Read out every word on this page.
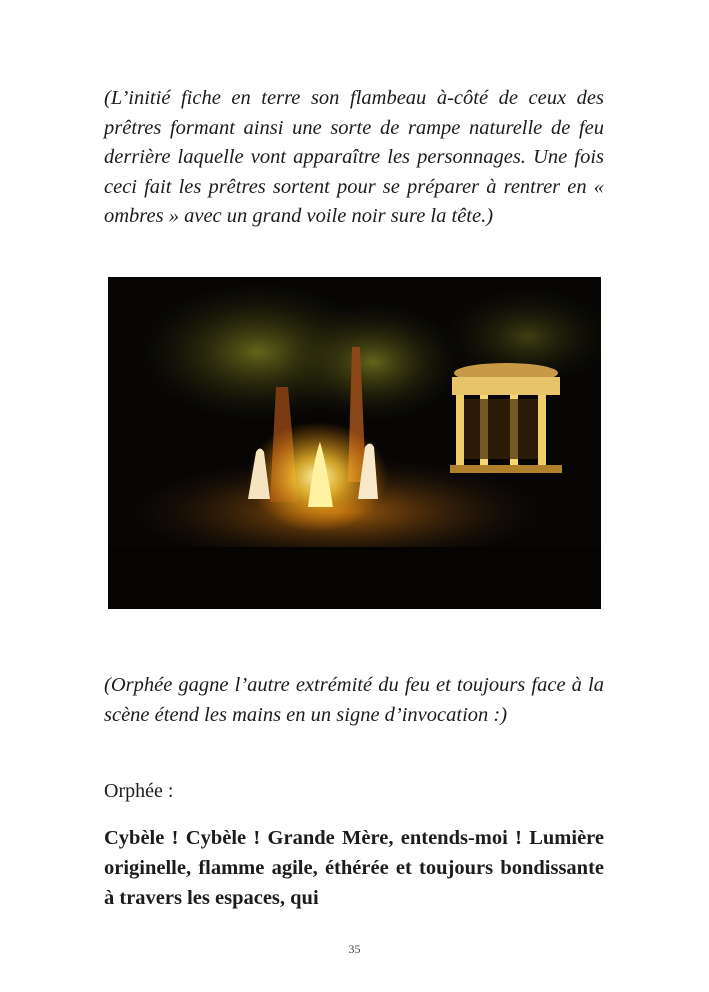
(L’initié fiche en terre son flambeau à-côté de ceux des prêtres formant ainsi une sorte de rampe naturelle de feu derrière laquelle vont apparaître les personnages. Une fois ceci fait les prêtres sortent pour se préparer à rentrer en « ombres » avec un grand voile noir sure la tête.)

(Orphée gagne l’autre extrémité du feu et toujours face à la scène étend les mains en un signe d’invocation :)

Orphée :

Cybèle ! Cybèle ! Grande Mère, entends-moi ! Lumière originelle, flamme agile, éthérée et toujours bondissante à travers les espaces, qui

35
